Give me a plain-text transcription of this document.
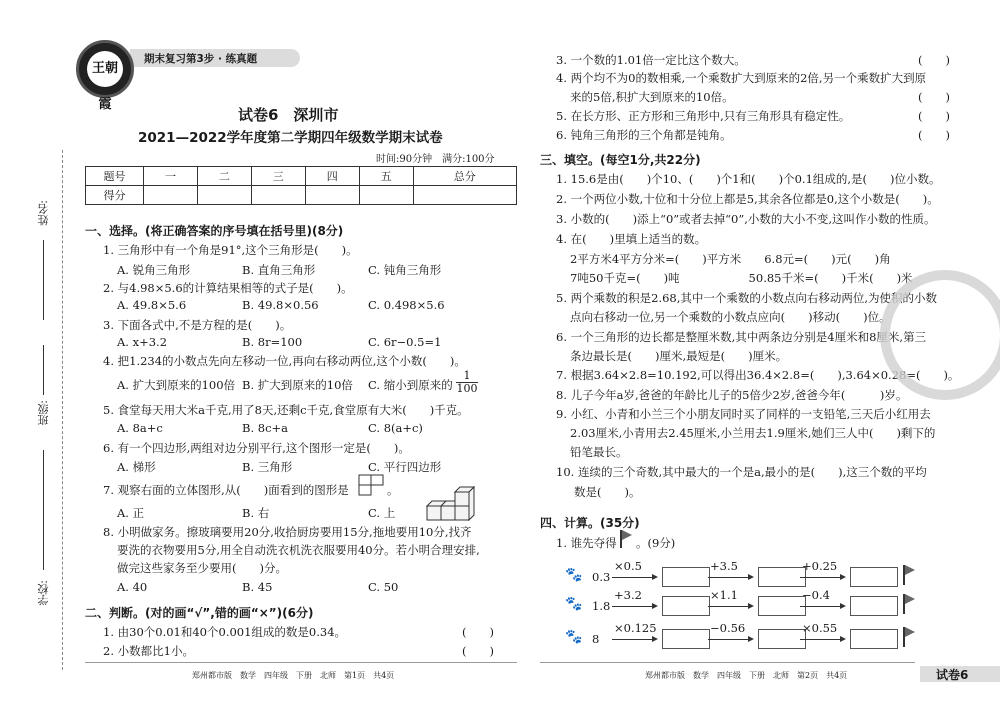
姓名:
班级:
学校:
期末复习第3步 · 练真题
王朝霞
试卷6　深圳市
2021—2022学年度第二学期四年级数学期末试卷
时间:90分钟　满分:100分
题号	一	二	三	四	五	总分
得分						
一、选择。(将正确答案的序号填在括号里)(8分)
1. 三角形中有一个角是91°,这个三角形是(　　)。
A. 锐角三角形	B. 直角三角形	C. 钝角三角形
2. 与4.98×5.6的计算结果相等的式子是(　　)。
A. 49.8×5.6	B. 49.8×0.56	C. 0.498×5.6
3. 下面各式中,不是方程的是(　　)。
A. x+3.2	B. 8r=100	C. 6r−0.5=1
4. 把1.234的小数点先向左移动一位,再向右移动两位,这个小数(　　)。
A. 扩大到原来的100倍 B. 扩大到原来的10倍 C. 缩小到原来的 $\frac{1}{100}$
5. 食堂每天用大米a千克,用了8天,还剩c千克,食堂原有大米(　　)千克。
A. 8a+c	B. 8c+a	C. 8(a+c)
6. 有一个四边形,两组对边分别平行,这个图形一定是(　　)。
A. 梯形	B. 三角形	C. 平行四边形
7. 观察右面的立体图形,从(　　)面看到的图形是	。
A. 正	B. 右	C. 上
8. 小明做家务。擦玻璃要用20分,收拾厨房要用15分,拖地要用10分,找齐
要洗的衣物要用5分,用全自动洗衣机洗衣服要用40分。若小明合理安排,
做完这些家务至少要用(　　)分。
A. 40	B. 45	C. 50
二、判断。(对的画“√”,错的画“×”)(6分)
1. 由30个0.01和40个0.001组成的数是0.34。	(　　)
2. 小数都比1小。	(　　)
郑州都市版　数学　四年级　下册　北师　第1页　共4页
3. 一个数的1.01倍一定比这个数大。	(　　)
4. 两个均不为0的数相乘,一个乘数扩大到原来的2倍,另一个乘数扩大到原
来的5倍,积扩大到原来的10倍。	(　　)
5. 在长方形、正方形和三角形中,只有三角形具有稳定性。	(　　)
6. 钝角三角形的三个角都是钝角。	(　　)
三、填空。(每空1分,共22分)
1. 15.6是由(　　)个10、(　　)个1和(　　)个0.1组成的,是(　　)位小数。
2. 一个两位小数,十位和十分位上都是5,其余各位都是0,这个小数是(　　)。
3. 小数的(　　)添上“0”或者去掉“0”,小数的大小不变,这叫作小数的性质。
4. 在(　　)里填上适当的数。
2平方米4平方分米=(　　)平方米　　6.8元=(　　)元(　　)角
7吨50千克=(　　)吨　　　　　　50.85千米=(　　)千米(　　)米
5. 两个乘数的积是2.68,其中一个乘数的小数点向右移动两位,为使积的小数
点向右移动一位,另一个乘数的小数点应向(　　)移动(　　)位。
6. 一个三角形的边长都是整厘米数,其中两条边分别是4厘米和8厘米,第三
条边最长是(　　)厘米,最短是(　　)厘米。
7. 根据3.64×2.8=10.192,可以得出36.4×2.8=(　　),3.64×0.28=(　　)。
8. 儿子今年a岁,爸爸的年龄比儿子的5倍少2岁,爸爸今年(　　　)岁。
9. 小红、小青和小兰三个小朋友同时买了同样的一支铅笔,三天后小红用去
2.03厘米,小青用去2.45厘米,小兰用去1.9厘米,她们三人中(　　)剩下的
铅笔最长。
10. 连续的三个奇数,其中最大的一个是a,最小的是(　　),这三个数的平均
数是(　　)。
四、计算。(35分)
1. 谁先夺得 。(9分)
🐾 0.3
×0.5	+3.5	+0.25
🐾 1.8
+3.2	×1.1	−0.4
🐾 8
×0.125	−0.56	×0.55
郑州都市版　数学　四年级　下册　北师　第2页　共4页	试卷6
